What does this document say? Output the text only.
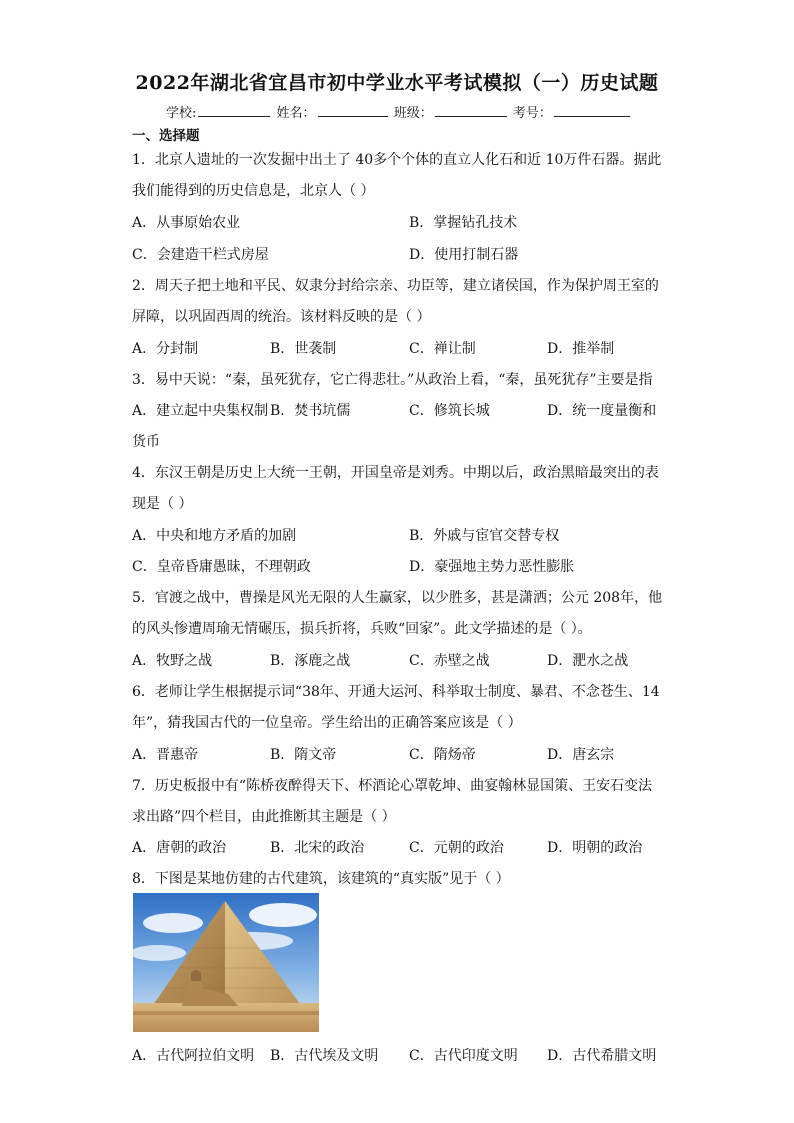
2022年湖北省宜昌市初中学业水平考试模拟（一）历史试题
学校:	姓名：	班级：	考号：
一、选择题
1．北京人遗址的一次发掘中出土了 40多个个体的直立人化石和近 10万件石器。据此
我们能得到的历史信息是，北京人（ ）
A．从事原始农业	B．掌握钻孔技术
C．会建造干栏式房屋	D．使用打制石器
2．周天子把土地和平民、奴隶分封给宗亲、功臣等，建立诸侯国，作为保护周王室的
屏障，以巩固西周的统治。该材料反映的是（ ）
A．分封制	B．世袭制	C．禅让制	D．推举制
3．易中天说：“秦，虽死犹存，它亡得悲壮。”从政治上看，“秦，虽死犹存”主要是指
A．建立起中央集权制 B．焚书坑儒	C．修筑长城	D．统一度量衡和
货币
4．东汉王朝是历史上大统一王朝，开国皇帝是刘秀。中期以后，政治黑暗最突出的表
现是（ ）
A．中央和地方矛盾的加剧	B．外戚与宦官交替专权
C．皇帝昏庸愚昧，不理朝政	D．豪强地主势力恶性膨胀
5．官渡之战中，曹操是风光无限的人生赢家，以少胜多，甚是潇洒；公元 208年，他
的风头惨遭周瑜无情碾压，损兵折将，兵败“回家”。此文学描述的是（ ）。
A．牧野之战	B．涿鹿之战	C．赤壁之战	D．淝水之战
6．老师让学生根据提示词“38年、开通大运河、科举取士制度、暴君、不念苍生、14
年”，猜我国古代的一位皇帝。学生给出的正确答案应该是（ ）
A．晋惠帝	B．隋文帝	C．隋炀帝	D．唐玄宗
7．历史板报中有“陈桥夜醉得天下、杯酒论心罩乾坤、曲宴翰林显国策、王安石变法
求出路”四个栏目，由此推断其主题是（ ）
A．唐朝的政治	B．北宋的政治	C．元朝的政治	D．明朝的政治
8．下图是某地仿建的古代建筑，该建筑的“真实版”见于（ ）
A．古代阿拉伯文明 B．古代埃及文明 C．古代印度文明 D．古代希腊文明
